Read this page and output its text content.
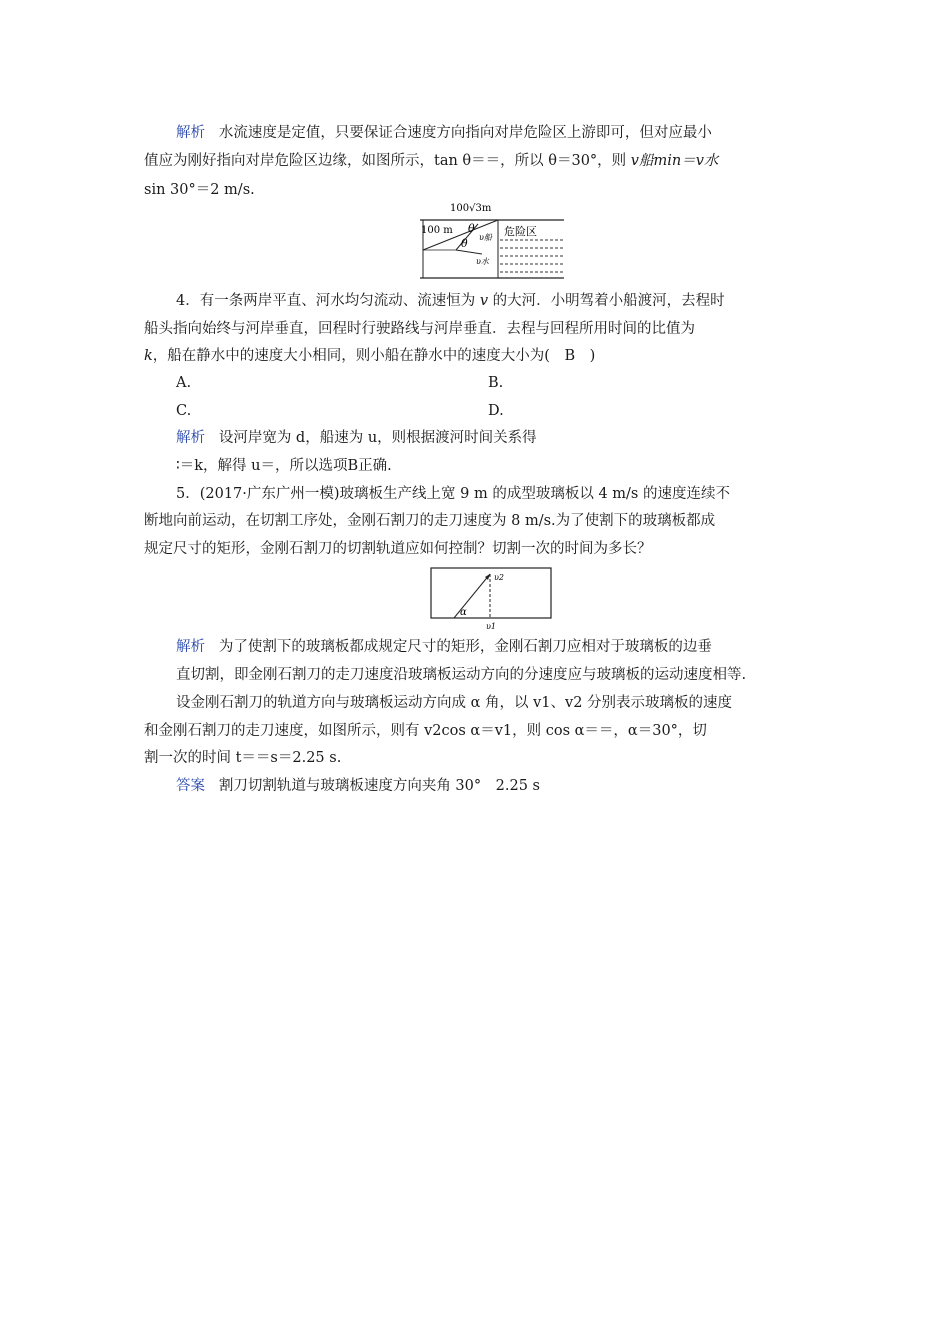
解析 水流速度是定值，只要保证合速度方向指向对岸危险区上游即可，但对应最小
值应为刚好指向对岸危险区边缘，如图所示，tan θ＝＝，所以 θ＝30°，则 v船min＝v水
sin 30°＝2 m/s.
100√3m
100 m θ
θ υ船
υ水
危险区
4．有一条两岸平直、河水均匀流动、流速恒为 v 的大河．小明驾着小船渡河，去程时
船头指向始终与河岸垂直，回程时行驶路线与河岸垂直．去程与回程所用时间的比值为
k，船在静水中的速度大小相同，则小船在静水中的速度大小为(　B　)
A.	B.
C.	D.
解析 设河岸宽为 d，船速为 u，则根据渡河时间关系得
∶＝k，解得 u＝，所以选项B正确.
5．(2017·广东广州一模)玻璃板生产线上宽 9 m 的成型玻璃板以 4 m/s 的速度连续不
断地向前运动，在切割工序处，金刚石割刀的走刀速度为 8 m/s.为了使割下的玻璃板都成
规定尺寸的矩形，金刚石割刀的切割轨道应如何控制？切割一次的时间为多长？
υ2
υ1
α
解析 为了使割下的玻璃板都成规定尺寸的矩形，金刚石割刀应相对于玻璃板的边垂
直切割，即金刚石割刀的走刀速度沿玻璃板运动方向的分速度应与玻璃板的运动速度相等.
设金刚石割刀的轨道方向与玻璃板运动方向成 α 角，以 v1、v2 分别表示玻璃板的速度
和金刚石割刀的走刀速度，如图所示，则有 v2cos α＝v1，则 cos α＝＝，α＝30°，切
割一次的时间 t＝＝s＝2.25 s.
答案 割刀切割轨道与玻璃板速度方向夹角 30°　2.25 s
